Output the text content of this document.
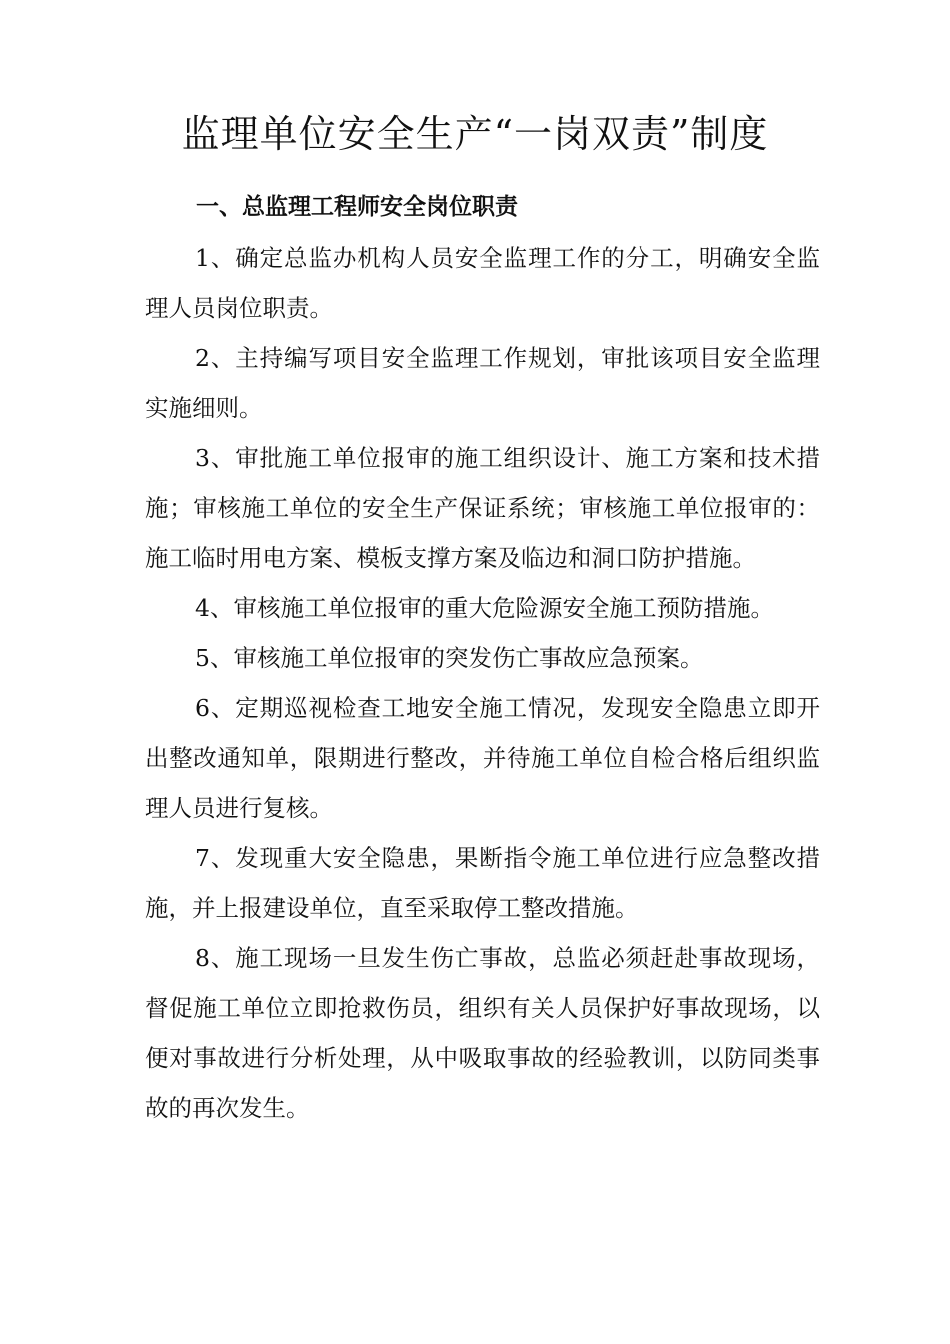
监理单位安全生产“一岗双责”制度
一、总监理工程师安全岗位职责

1、确定总监办机构人员安全监理工作的分工，明确安全监理人员岗位职责。

2、主持编写项目安全监理工作规划，审批该项目安全监理实施细则。

3、审批施工单位报审的施工组织设计、施工方案和技术措施；审核施工单位的安全生产保证系统；审核施工单位报审的：施工临时用电方案、模板支撑方案及临边和洞口防护措施。

4、审核施工单位报审的重大危险源安全施工预防措施。

5、审核施工单位报审的突发伤亡事故应急预案。

6、定期巡视检查工地安全施工情况，发现安全隐患立即开出整改通知单，限期进行整改，并待施工单位自检合格后组织监理人员进行复核。

7、发现重大安全隐患，果断指令施工单位进行应急整改措施，并上报建设单位，直至采取停工整改措施。

8、施工现场一旦发生伤亡事故，总监必须赶赴事故现场，督促施工单位立即抢救伤员，组织有关人员保护好事故现场，以便对事故进行分析处理，从中吸取事故的经验教训，以防同类事故的再次发生。
